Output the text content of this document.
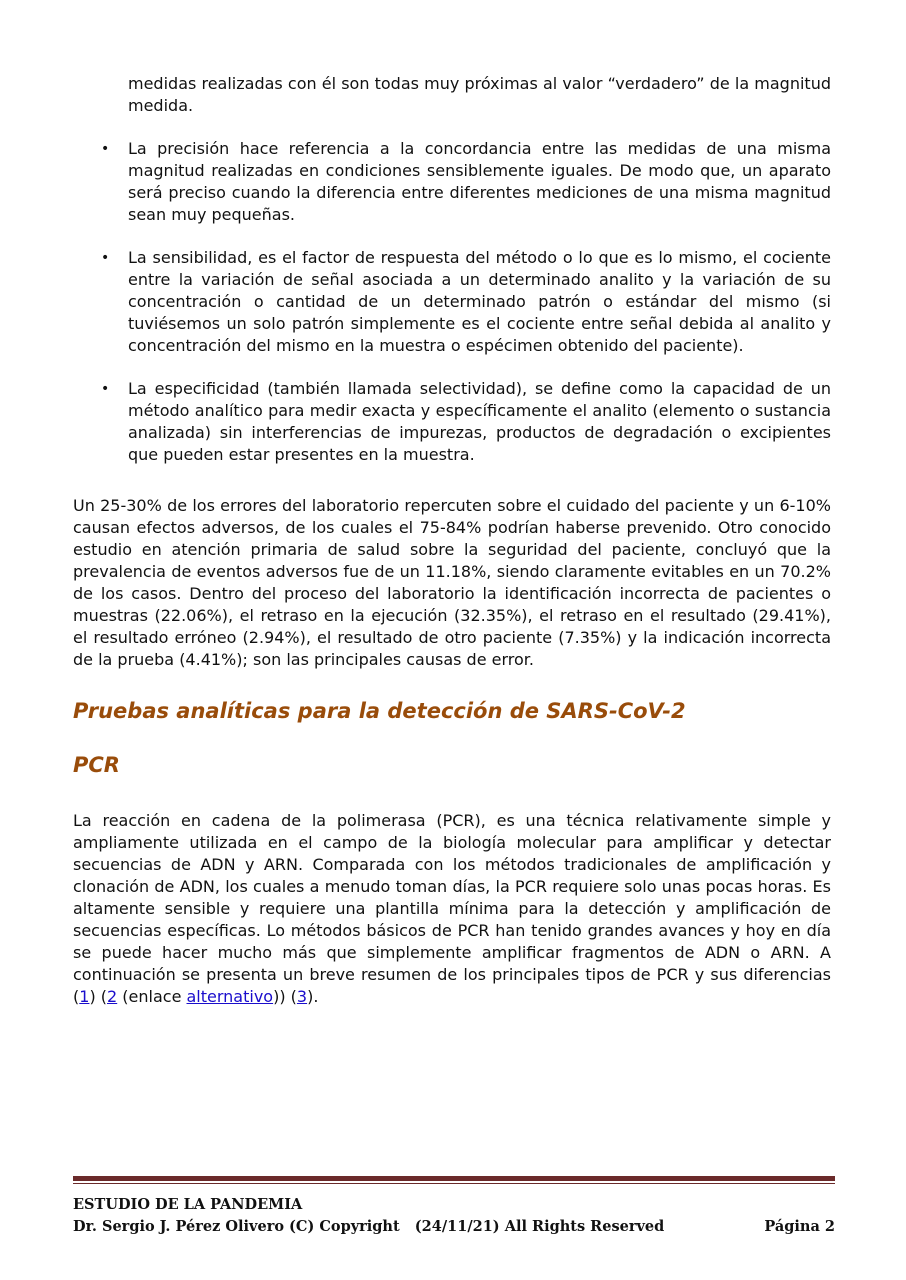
medidas realizadas con él son todas muy próximas al valor “verdadero” de la magnitud medida.

• La precisión hace referencia a la concordancia entre las medidas de una misma magnitud realizadas en condiciones sensiblemente iguales. De modo que, un aparato será preciso cuando la diferencia entre diferentes mediciones de una misma magnitud sean muy pequeñas.
• La sensibilidad, es el factor de respuesta del método o lo que es lo mismo, el cociente entre la variación de señal asociada a un determinado analito y la variación de su concentración o cantidad de un determinado patrón o estándar del mismo (si tuviésemos un solo patrón simplemente es el cociente entre señal debida al analito y concentración del mismo en la muestra o espécimen obtenido del paciente).
• La especificidad (también llamada selectividad), se define como la capacidad de un método analítico para medir exacta y específicamente el analito (elemento o sustancia analizada) sin interferencias de impurezas, productos de degradación o excipientes que pueden estar presentes en la muestra.

Un 25-30% de los errores del laboratorio repercuten sobre el cuidado del paciente y un 6-10% causan efectos adversos, de los cuales el 75-84% podrían haberse prevenido. Otro conocido estudio en atención primaria de salud sobre la seguridad del paciente, concluyó que la prevalencia de eventos adversos fue de un 11.18%, siendo claramente evitables en un 70.2% de los casos. Dentro del proceso del laboratorio la identificación incorrecta de pacientes o muestras (22.06%), el retraso en la ejecución (32.35%), el retraso en el resultado (29.41%), el resultado erróneo (2.94%), el resultado de otro paciente (7.35%) y la indicación incorrecta de la prueba (4.41%); son las principales causas de error.

Pruebas analíticas para la detección de SARS-CoV-2
PCR

La reacción en cadena de la polimerasa (PCR), es una técnica relativamente simple y ampliamente utilizada en el campo de la biología molecular para amplificar y detectar secuencias de ADN y ARN. Comparada con los métodos tradicionales de amplificación y clonación de ADN, los cuales a menudo toman días, la PCR requiere solo unas pocas horas. Es altamente sensible y requiere una plantilla mínima para la detección y amplificación de secuencias específicas. Lo métodos básicos de PCR han tenido grandes avances y hoy en día se puede hacer mucho más que simplemente amplificar fragmentos de ADN o ARN. A continuación se presenta un breve resumen de los principales tipos de PCR y sus diferencias (1) (2 (enlace alternativo)) (3).

ESTUDIO DE LA PANDEMIA
Dr. Sergio J. Pérez Olivero (C) Copyright   (24/11/21) All Rights Reserved	Página 2
